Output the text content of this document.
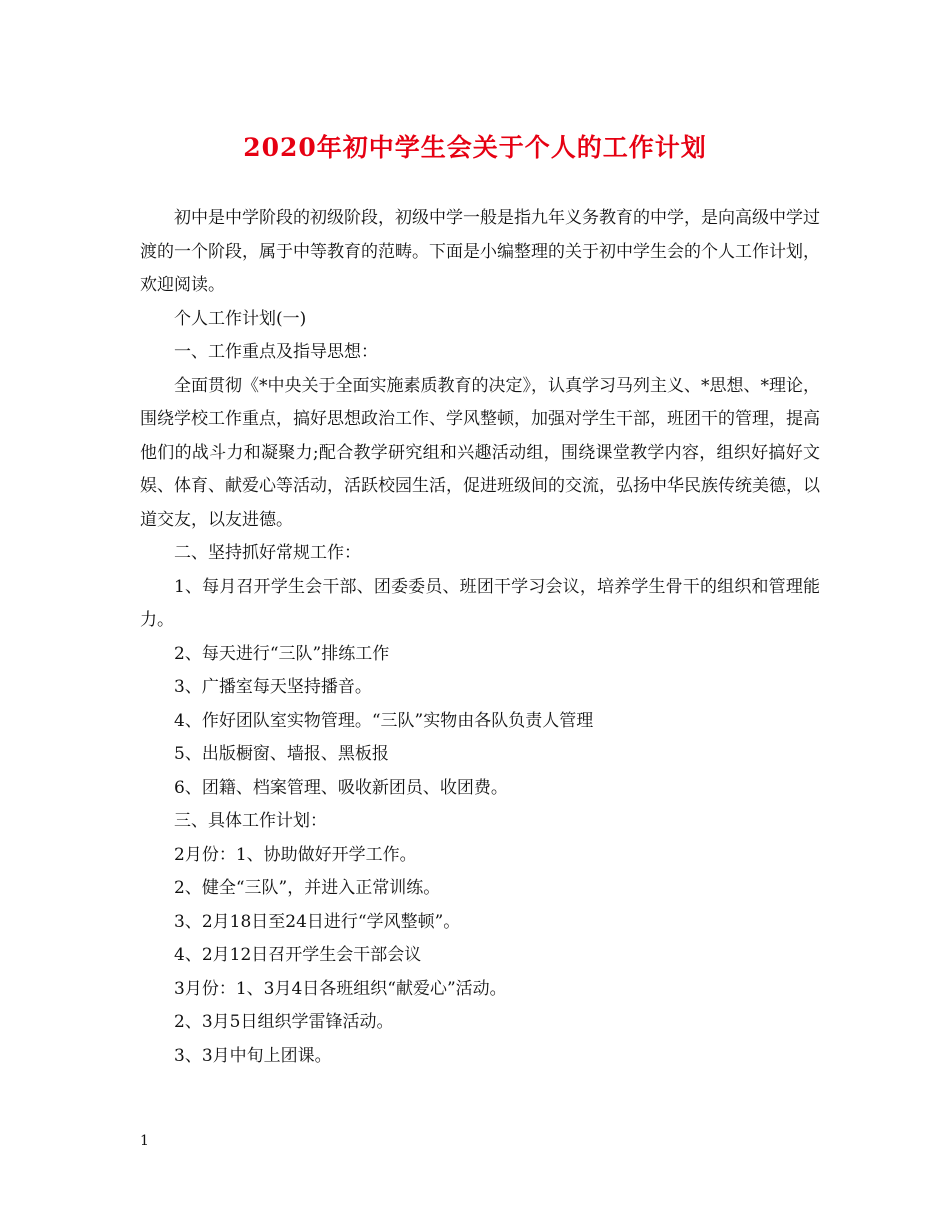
2020年初中学生会关于个人的工作计划

初中是中学阶段的初级阶段，初级中学一般是指九年义务教育的中学，是向高级中学过渡的一个阶段，属于中等教育的范畴。下面是小编整理的关于初中学生会的个人工作计划，欢迎阅读。

个人工作计划(一)

一、工作重点及指导思想：

全面贯彻《*中央关于全面实施素质教育的决定》，认真学习马列主义、*思想、*理论，围绕学校工作重点，搞好思想政治工作、学风整顿，加强对学生干部，班团干的管理，提高他们的战斗力和凝聚力;配合教学研究组和兴趣活动组，围绕课堂教学内容，组织好搞好文娱、体育、献爱心等活动，活跃校园生活，促进班级间的交流，弘扬中华民族传统美德，以道交友，以友进德。

二、坚持抓好常规工作：

1、每月召开学生会干部、团委委员、班团干学习会议，培养学生骨干的组织和管理能力。

2、每天进行“三队”排练工作

3、广播室每天坚持播音。

4、作好团队室实物管理。“三队”实物由各队负责人管理

5、出版橱窗、墙报、黑板报

6、团籍、档案管理、吸收新团员、收团费。

三、具体工作计划：

2月份：1、协助做好开学工作。

2、健全“三队”，并进入正常训练。

3、2月18日至24日进行“学风整顿”。

4、2月12日召开学生会干部会议

3月份：1、3月4日各班组织“献爱心”活动。

2、3月5日组织学雷锋活动。

3、3月中旬上团课。

1
